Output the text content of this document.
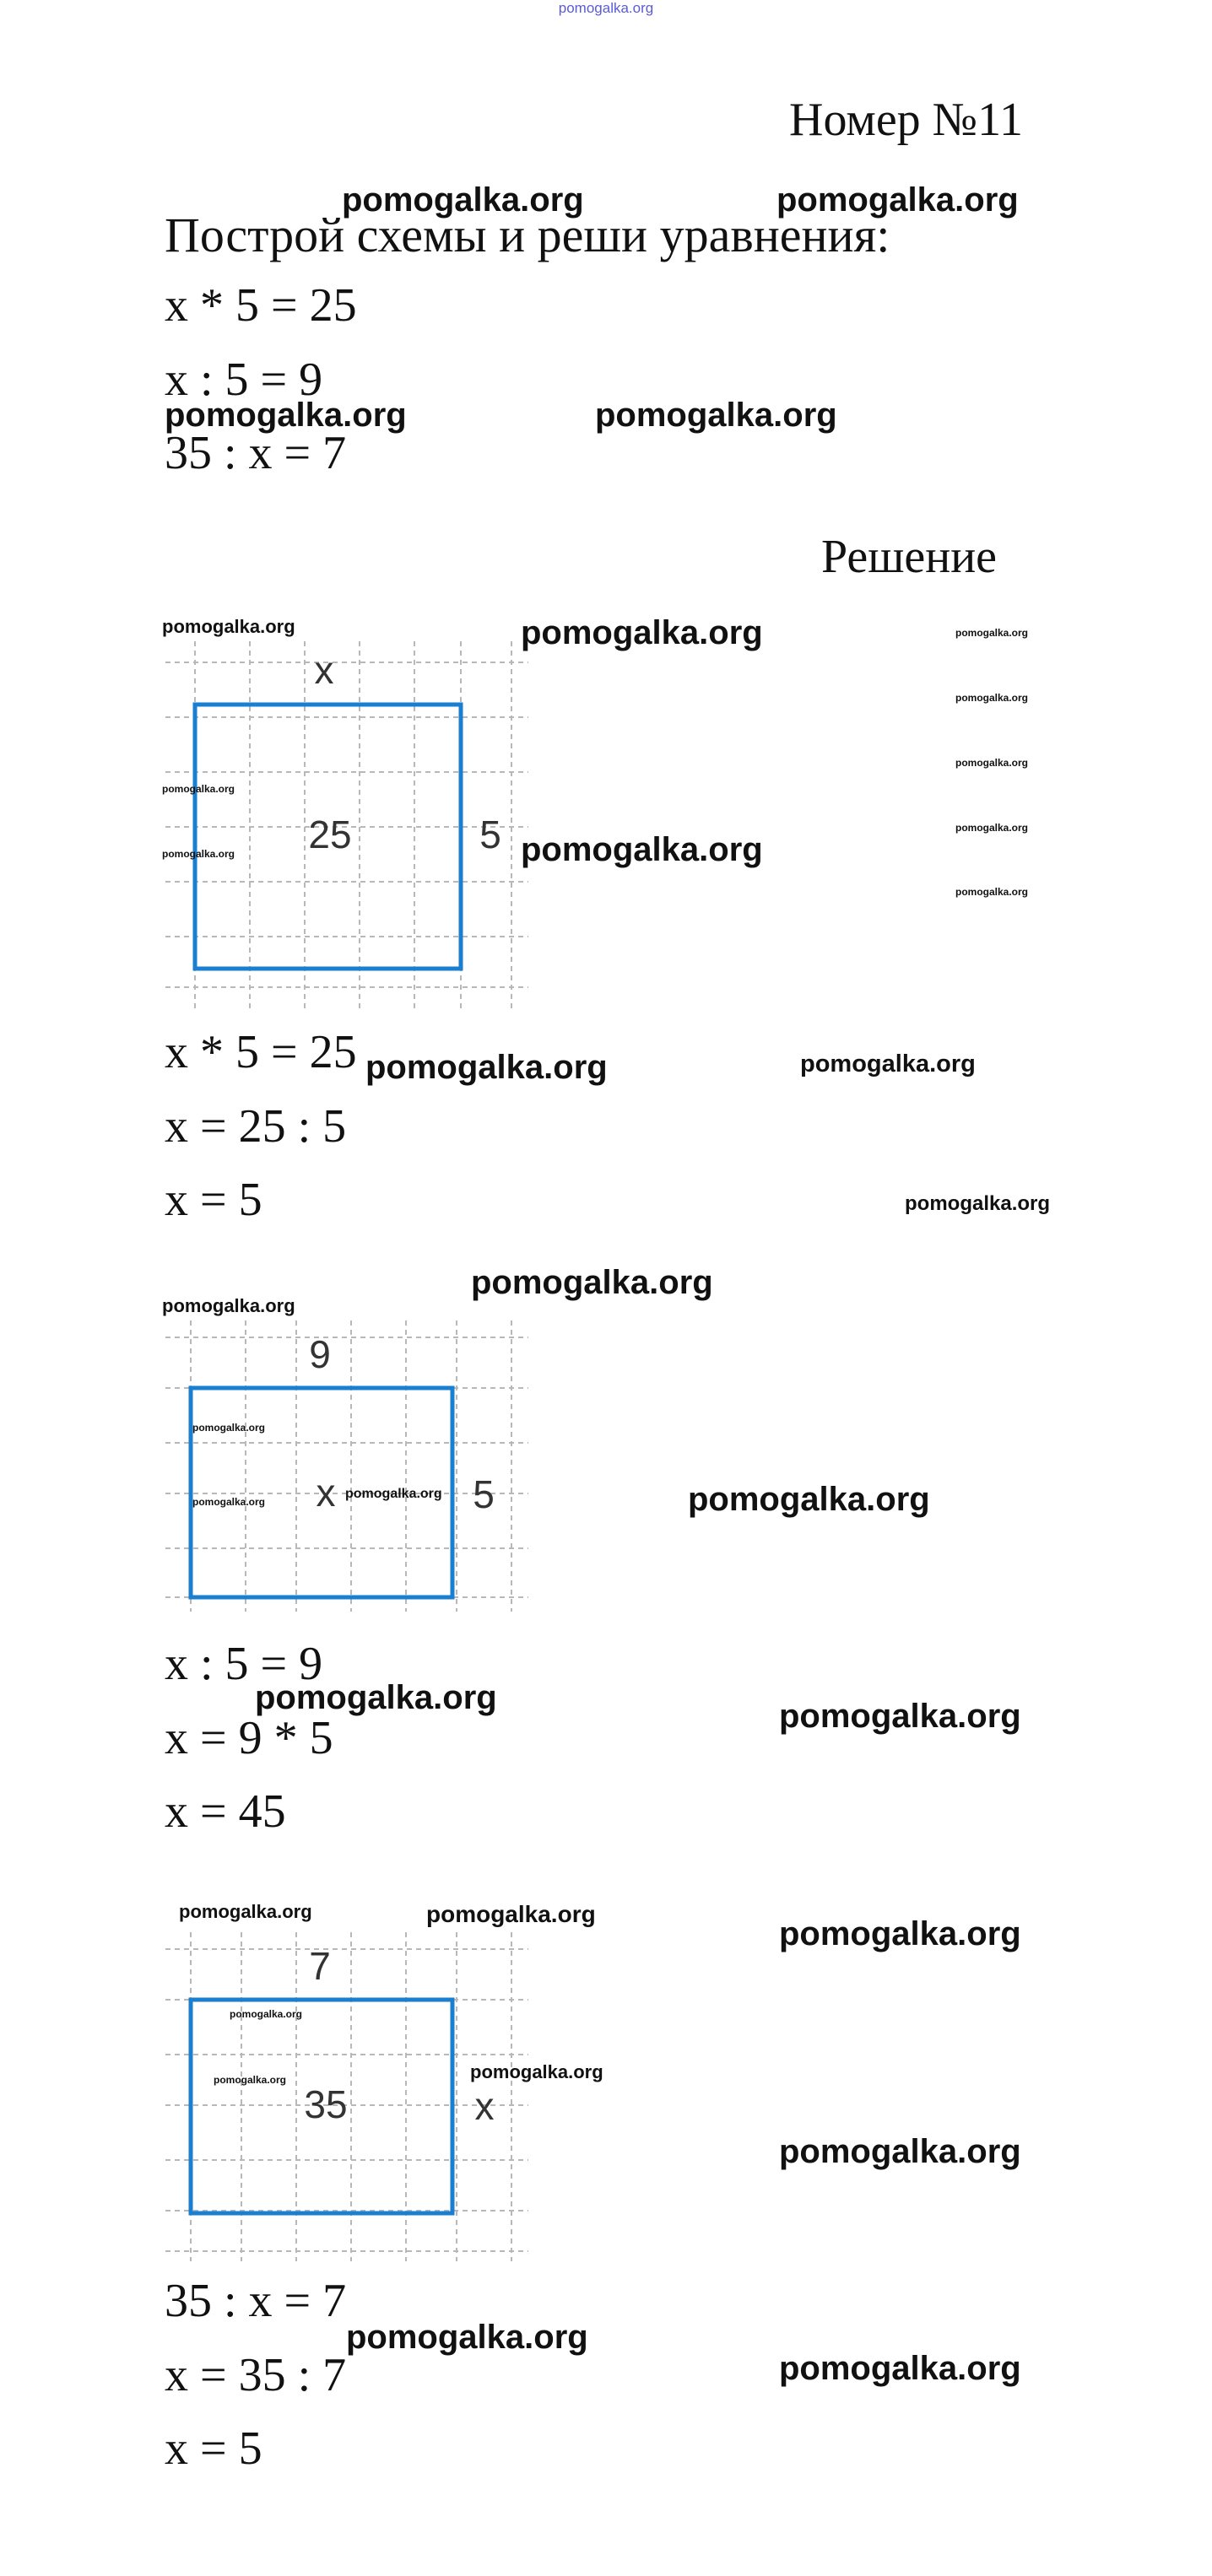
pomogalka.org
Номер №11
Построй схемы и реши уравнения:
x * 5 = 25
x : 5 = 9
35 : x = 7
Решение
x
25	5
x * 5 = 25
x = 25 : 5
x = 5
9
x	5
x : 5 = 9
x = 9 * 5
x = 45
7
35	x
35 : x = 7
x = 35 : 7
x = 5
pomogalka.org	pomogalka.org
pomogalka.org	pomogalka.org
pomogalka.org	pomogalka.org	pomogalka.org
pomogalka.org
pomogalka.org
pomogalka.org
pomogalka.org
pomogalka.org
pomogalka.org	pomogalka.org
pomogalka.org	pomogalka.org
pomogalka.org
pomogalka.org
pomogalka.org
pomogalka.org
pomogalka.org
pomogalka.org	pomogalka.org
pomogalka.org	pomogalka.org
pomogalka.org	pomogalka.org
pomogalka.org
pomogalka.org
pomogalka.org	pomogalka.org
pomogalka.org
pomogalka.org
pomogalka.org
